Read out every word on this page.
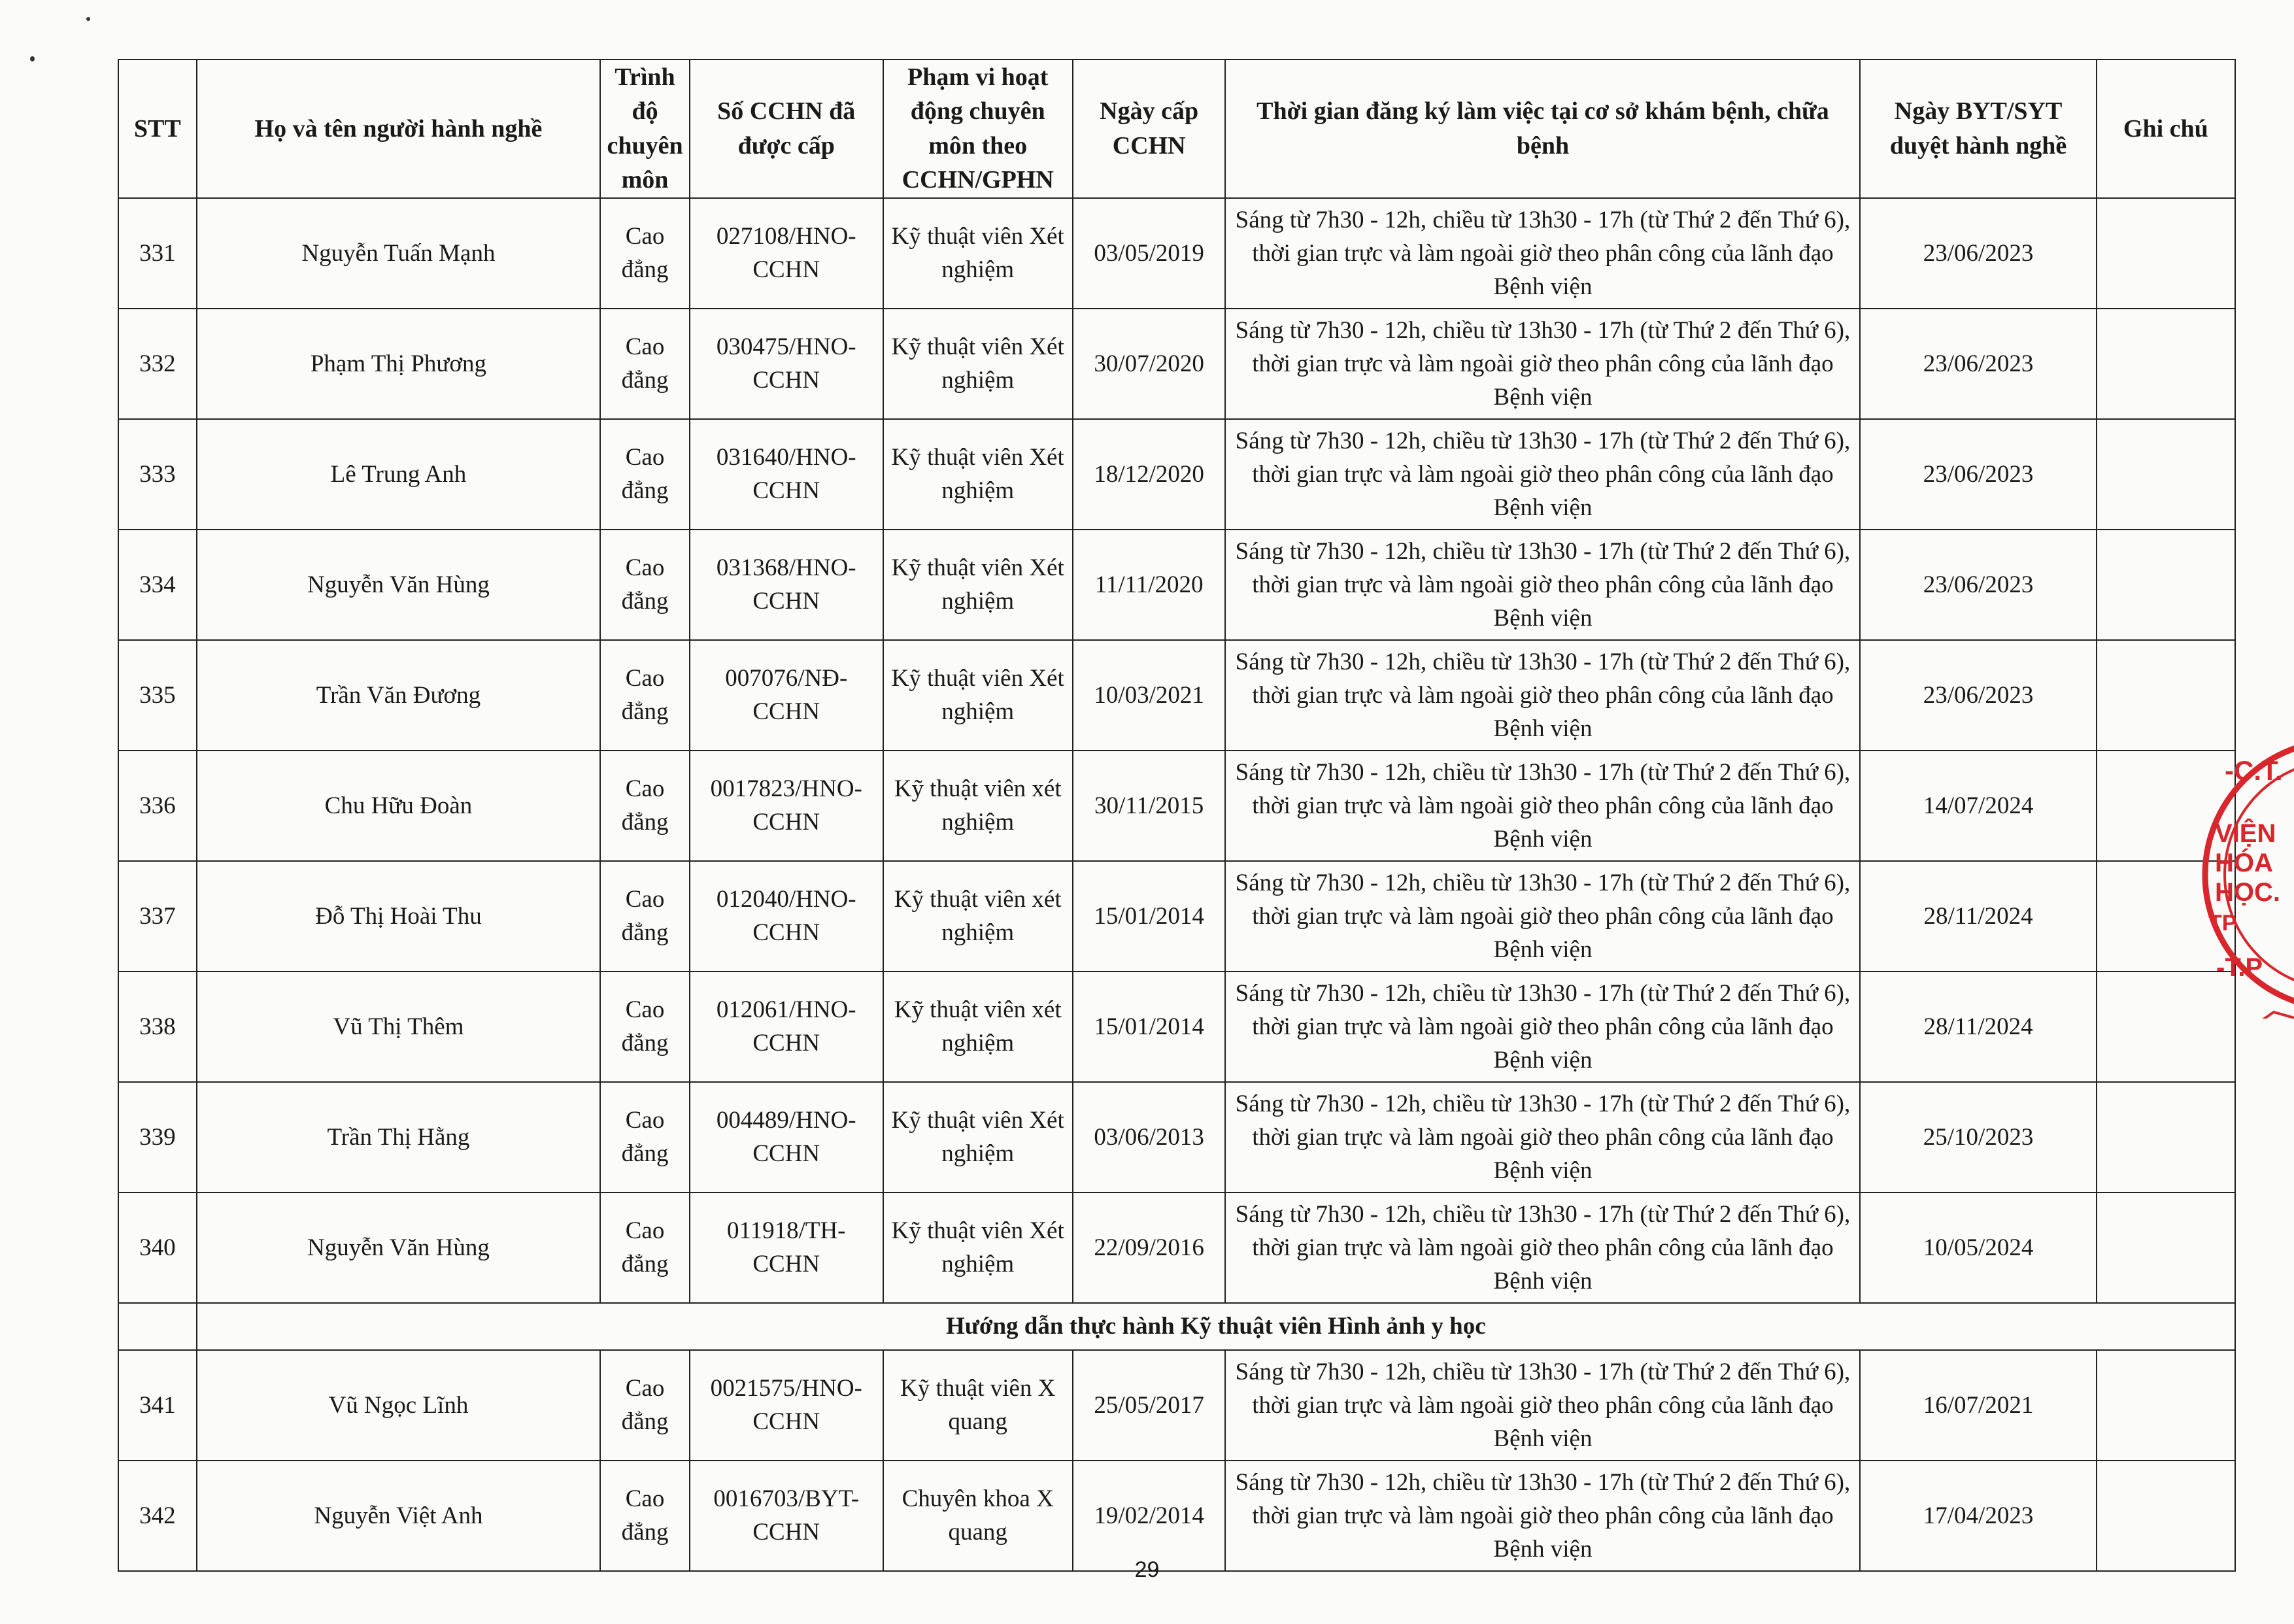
STT	Họ và tên người hành nghề	Trình độ chuyên môn	Số CCHN đã được cấp	Phạm vi hoạt động chuyên môn theo CCHN/GPHN	Ngày cấp CCHN	Thời gian đăng ký làm việc tại cơ sở khám bệnh, chữa bệnh	Ngày BYT/SYT duyệt hành nghề	Ghi chú
331	Nguyễn Tuấn Mạnh	Cao đẳng	027108/HNO-CCHN	Kỹ thuật viên Xét nghiệm	03/05/2019	Sáng từ 7h30 - 12h, chiều từ 13h30 - 17h (từ Thứ 2 đến Thứ 6), thời gian trực và làm ngoài giờ theo phân công của lãnh đạo Bệnh viện	23/06/2023	
332	Phạm Thị Phương	Cao đẳng	030475/HNO-CCHN	Kỹ thuật viên Xét nghiệm	30/07/2020	Sáng từ 7h30 - 12h, chiều từ 13h30 - 17h (từ Thứ 2 đến Thứ 6), thời gian trực và làm ngoài giờ theo phân công của lãnh đạo Bệnh viện	23/06/2023	
333	Lê Trung Anh	Cao đẳng	031640/HNO-CCHN	Kỹ thuật viên Xét nghiệm	18/12/2020	Sáng từ 7h30 - 12h, chiều từ 13h30 - 17h (từ Thứ 2 đến Thứ 6), thời gian trực và làm ngoài giờ theo phân công của lãnh đạo Bệnh viện	23/06/2023	
334	Nguyễn Văn Hùng	Cao đẳng	031368/HNO-CCHN	Kỹ thuật viên Xét nghiệm	11/11/2020	Sáng từ 7h30 - 12h, chiều từ 13h30 - 17h (từ Thứ 2 đến Thứ 6), thời gian trực và làm ngoài giờ theo phân công của lãnh đạo Bệnh viện	23/06/2023	
335	Trần Văn Đương	Cao đẳng	007076/NĐ-CCHN	Kỹ thuật viên Xét nghiệm	10/03/2021	Sáng từ 7h30 - 12h, chiều từ 13h30 - 17h (từ Thứ 2 đến Thứ 6), thời gian trực và làm ngoài giờ theo phân công của lãnh đạo Bệnh viện	23/06/2023	
336	Chu Hữu Đoàn	Cao đẳng	0017823/HNO-CCHN	Kỹ thuật viên xét nghiệm	30/11/2015	Sáng từ 7h30 - 12h, chiều từ 13h30 - 17h (từ Thứ 2 đến Thứ 6), thời gian trực và làm ngoài giờ theo phân công của lãnh đạo Bệnh viện	14/07/2024	
337	Đỗ Thị Hoài Thu	Cao đẳng	012040/HNO-CCHN	Kỹ thuật viên xét nghiệm	15/01/2014	Sáng từ 7h30 - 12h, chiều từ 13h30 - 17h (từ Thứ 2 đến Thứ 6), thời gian trực và làm ngoài giờ theo phân công của lãnh đạo Bệnh viện	28/11/2024	
338	Vũ Thị Thêm	Cao đẳng	012061/HNO-CCHN	Kỹ thuật viên xét nghiệm	15/01/2014	Sáng từ 7h30 - 12h, chiều từ 13h30 - 17h (từ Thứ 2 đến Thứ 6), thời gian trực và làm ngoài giờ theo phân công của lãnh đạo Bệnh viện	28/11/2024	
339	Trần Thị Hằng	Cao đẳng	004489/HNO-CCHN	Kỹ thuật viên Xét nghiệm	03/06/2013	Sáng từ 7h30 - 12h, chiều từ 13h30 - 17h (từ Thứ 2 đến Thứ 6), thời gian trực và làm ngoài giờ theo phân công của lãnh đạo Bệnh viện	25/10/2023	
340	Nguyễn Văn Hùng	Cao đẳng	011918/TH-CCHN	Kỹ thuật viên Xét nghiệm	22/09/2016	Sáng từ 7h30 - 12h, chiều từ 13h30 - 17h (từ Thứ 2 đến Thứ 6), thời gian trực và làm ngoài giờ theo phân công của lãnh đạo Bệnh viện	10/05/2024	
	Hướng dẫn thực hành Kỹ thuật viên Hình ảnh y học							
341	Vũ Ngọc Lĩnh	Cao đẳng	0021575/HNO-CCHN	Kỹ thuật viên X quang	25/05/2017	Sáng từ 7h30 - 12h, chiều từ 13h30 - 17h (từ Thứ 2 đến Thứ 6), thời gian trực và làm ngoài giờ theo phân công của lãnh đạo Bệnh viện	16/07/2021	
342	Nguyễn Việt Anh	Cao đẳng	0016703/BYT-CCHN	Chuyên khoa X quang	19/02/2014	Sáng từ 7h30 - 12h, chiều từ 13h30 - 17h (từ Thứ 2 đến Thứ 6), thời gian trực và làm ngoài giờ theo phân công của lãnh đạo Bệnh viện	17/04/2023	
29
-C.T.
VIỆN
HÓA
HỌC.
TP
-T.P
